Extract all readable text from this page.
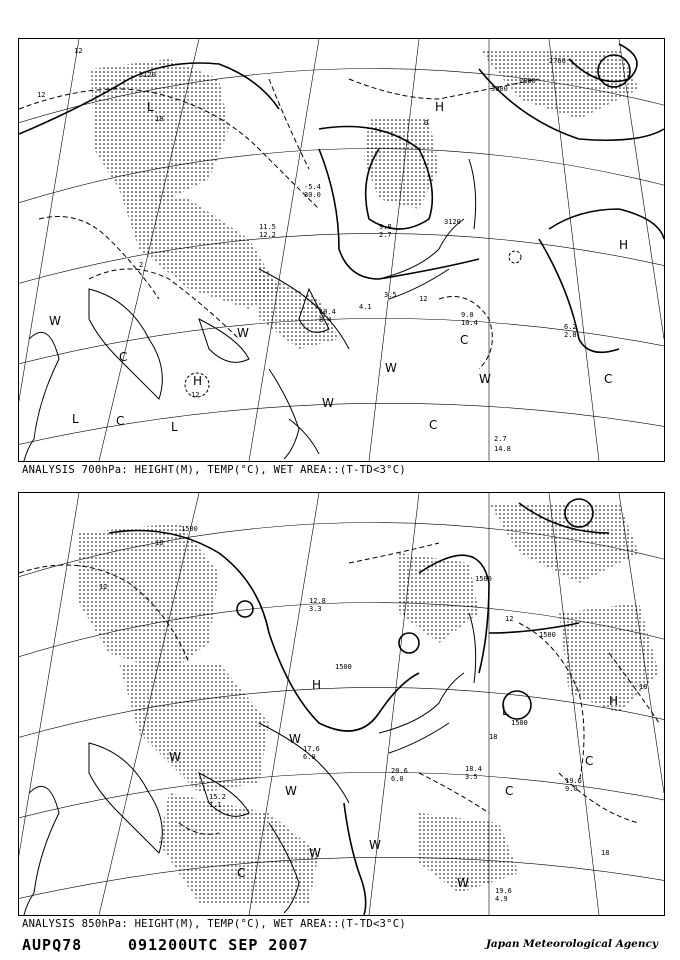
3120
3000
2760
2880
3120
12
12
12
18
2
0
12
H
H
H
L
L
L
C
C
C
C
C
W
W
W
W
W
2.7
14.8
9.0
10.4	6.2
2.8
4.1
10.4
8.4
11.5
12.2
3.5
9.8
2.7
-5.4
30.0
ANALYSIS 700hPa: HEIGHT(M), TEMP(°C), WET AREA::(T-TD<3°C)
1500
1500
1500
1500
1500
18
18
18
18
12
12
H
H
L
C
C
C
W
W
W
W
W
W
18.4
3.5
19.6
4.9
19.6
9.0
15.2
1.1
17.6
6.0
20.6
6.0
12.8
3.3
ANALYSIS 850hPa: HEIGHT(M), TEMP(°C), WET AREA::(T-TD<3°C)
AUPQ78	091200UTC SEP 2007	Japan Meteorological Agency
